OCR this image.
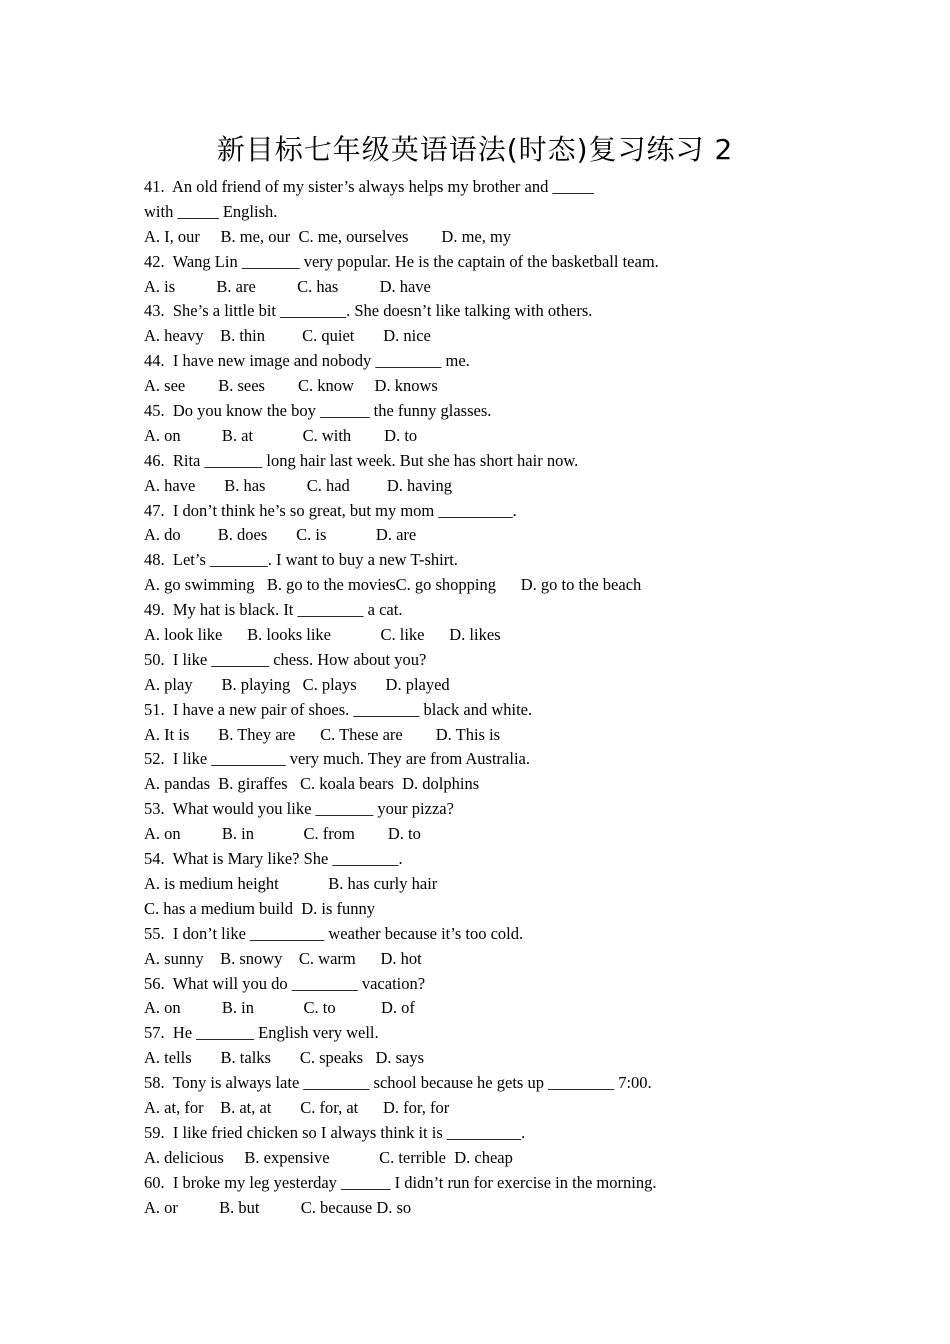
新目标七年级英语语法(时态)复习练习 2
41.  An old friend of my sister’s always helps my brother and _____
with _____ English.
A. I, our     B. me, our  C. me, ourselves        D. me, my
42.  Wang Lin _______ very popular. He is the captain of the basketball team.
A. is          B. are          C. has          D. have
43.  She’s a little bit ________. She doesn’t like talking with others.
A. heavy    B. thin         C. quiet       D. nice
44.  I have new image and nobody ________ me.
A. see        B. sees        C. know     D. knows
45.  Do you know the boy ______ the funny glasses.
A. on          B. at            C. with        D. to
46.  Rita _______ long hair last week. But she has short hair now.
A. have       B. has          C. had         D. having
47.  I don’t think he’s so great, but my mom _________.
A. do         B. does       C. is            D. are
48.  Let’s _______. I want to buy a new T-shirt.
A. go swimming   B. go to the moviesC. go shopping      D. go to the beach
49.  My hat is black. It ________ a cat.
A. look like      B. looks like            C. like      D. likes
50.  I like _______ chess. How about you?
A. play       B. playing   C. plays       D. played
51.  I have a new pair of shoes. ________ black and white.
A. It is       B. They are      C. These are        D. This is
52.  I like _________ very much. They are from Australia.
A. pandas  B. giraffes   C. koala bears  D. dolphins
53.  What would you like _______ your pizza?
A. on          B. in            C. from        D. to
54.  What is Mary like? She ________.
A. is medium height            B. has curly hair
C. has a medium build  D. is funny
55.  I don’t like _________ weather because it’s too cold.
A. sunny    B. snowy    C. warm      D. hot
56.  What will you do ________ vacation?
A. on          B. in            C. to           D. of
57.  He _______ English very well.
A. tells       B. talks       C. speaks   D. says
58.  Tony is always late ________ school because he gets up ________ 7:00.
A. at, for    B. at, at       C. for, at      D. for, for
59.  I like fried chicken so I always think it is _________.
A. delicious     B. expensive            C. terrible  D. cheap
60.  I broke my leg yesterday ______ I didn’t run for exercise in the morning.
A. or          B. but          C. because D. so
